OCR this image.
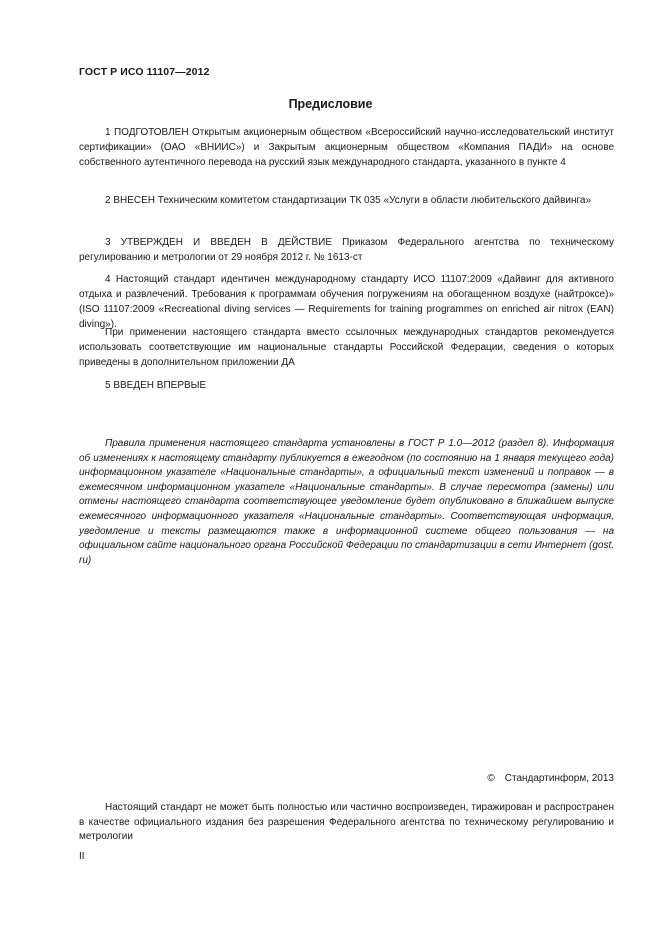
ГОСТ Р ИСО 11107—2012
Предисловие

1 ПОДГОТОВЛЕН Открытым акционерным обществом «Всероссийский научно-исследовательский институт сертификации» (ОАО «ВНИИС») и Закрытым акционерным обществом «Компания ПАДИ» на основе собственного аутентичного перевода на русский язык международного стандарта, указанного в пункте 4

2 ВНЕСЕН Техническим комитетом стандартизации ТК 035 «Услуги в области любительского дайвинга»

3 УТВЕРЖДЕН И ВВЕДЕН В ДЕЙСТВИЕ Приказом Федерального агентства по техническому регулированию и метрологии от 29 ноября 2012 г. № 1613-ст

4 Настоящий стандарт идентичен международному стандарту ИСО 11107:2009 «Дайвинг для активного отдыха и развлечений. Требования к программам обучения погружениям на обогащенном воздухе (найтроксе)» (ISO 11107:2009 «Recreational diving services — Requirements for training programmes on enriched air nitrox (EAN) diving»).

При применении настоящего стандарта вместо ссылочных международных стандартов рекомендуется использовать соответствующие им национальные стандарты Российской Федерации, сведения о которых приведены в дополнительном приложении ДА

5 ВВЕДЕН ВПЕРВЫЕ

Правила применения настоящего стандарта установлены в ГОСТ Р 1.0—2012 (раздел 8). Информация об изменениях к настоящему стандарту публикуется в ежегодном (по состоянию на 1 января текущего года) информационном указателе «Национальные стандарты», а официальный текст изменений и поправок — в ежемесячном информационном указателе «Национальные стандарты». В случае пересмотра (замены) или отмены настоящего стандарта соответствующее уведомление будет опубликовано в ближайшем выпуске ежемесячного информационного указателя «Национальные стандарты». Соответствующая информация, уведомление и тексты размещаются также в информационной системе общего пользования — на официальном сайте национального органа Российской Федерации по стандартизации в сети Интернет (gost. ru)

© Стандартинформ, 2013

Настоящий стандарт не может быть полностью или частично воспроизведен, тиражирован и распространен в качестве официального издания без разрешения Федерального агентства по техническому регулированию и метрологии

II
